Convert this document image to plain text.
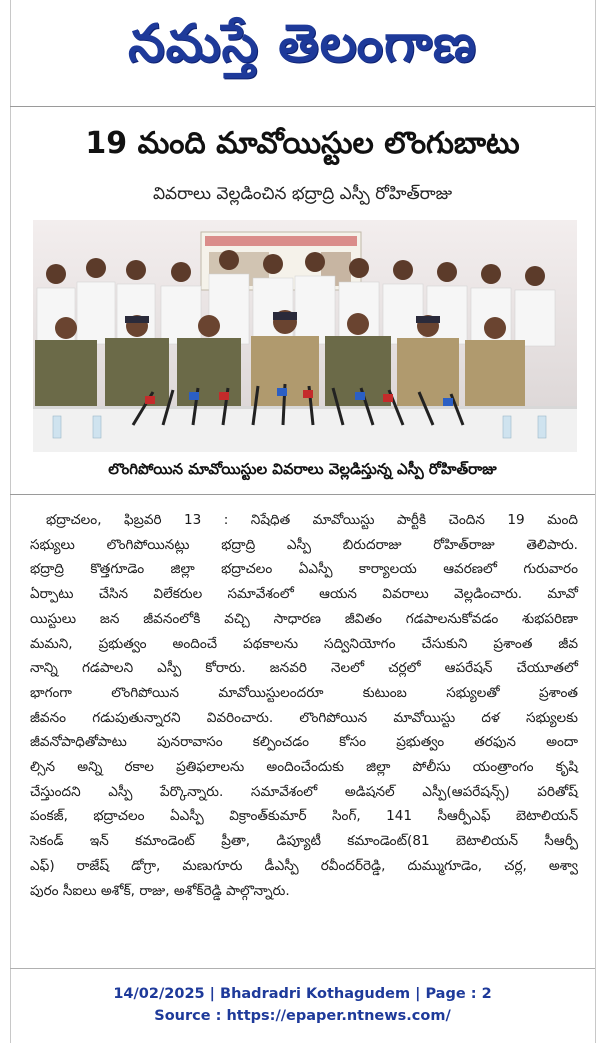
నమస్తే తెలంగాణ
19 మంది మావోయిస్టుల లొంగుబాటు
వివరాలు వెల్లడించిన భద్రాద్రి ఎస్పీ రోహిత్‌రాజు
లొంగిపోయిన మావోయిస్టుల వివరాలు వెల్లడిస్తున్న ఎస్పీ రోహిత్‌రాజు
భద్రాచలం, ఫిబ్రవరి 13 : నిషేధిత మావోయిస్టు పార్టీకి చెందిన 19 మంది
సభ్యులు లొంగిపోయినట్లు భద్రాద్రి ఎస్పీ బిరుదరాజు రోహిత్‌రాజు తెలిపారు.
భద్రాద్రి కొత్తగూడెం జిల్లా భద్రాచలం ఏఎస్పీ కార్యాలయ ఆవరణలో గురువారం
ఏర్పాటు చేసిన విలేకరుల సమావేశంలో ఆయన వివరాలు వెల్లడించారు. మావో
యిస్టులు జన జీవనంలోకి వచ్చి సాధారణ జీవితం గడపాలనుకోవడం శుభపరిణా
మమని, ప్రభుత్వం అందించే పథకాలను సద్వినియోగం చేసుకుని ప్రశాంత జీవ
నాన్ని గడపాలని ఎస్పీ కోరారు. జనవరి నెలలో చర్లలో ఆపరేషన్ చేయూతలో
భాగంగా లొంగిపోయిన మావోయిస్టులందరూ కుటుంబ సభ్యులతో ప్రశాంత
జీవనం గడుపుతున్నారని వివరించారు. లొంగిపోయిన మావోయిస్టు దళ సభ్యులకు
జీవనోపాధితోపాటు పునరావాసం కల్పించడం కోసం ప్రభుత్వం తరఫున అందా
ల్సిన అన్ని రకాల ప్రతిఫలాలను అందించేందుకు జిల్లా పోలీసు యంత్రాంగం కృషి
చేస్తుందని ఎస్పీ పేర్కొన్నారు. సమావేశంలో అడిషనల్ ఎస్పీ(ఆపరేషన్స్) పరితోష్
పంకజ్, భద్రాచలం ఏఎస్పీ విక్రాంత్‌కుమార్ సింగ్, 141 సీఆర్పీఎఫ్ బెటాలియన్
సెకండ్ ఇన్ కమాండెంట్ ప్రీతా, డిప్యూటీ కమాండెంట్(81 బెటాలియన్ సీఆర్పీ
ఎఫ్) రాజేష్ డోగ్రా, మణుగూరు డీఎస్పీ రవీందర్‌రెడ్డి, దుమ్ముగూడెం, చర్ల, అశ్వా
పురం సీఐలు అశోక్, రాజు, అశోక్‌రెడ్డి పాల్గొన్నారు.
14/02/2025 | Bhadradri Kothagudem | Page : 2
Source : https://epaper.ntnews.com/
